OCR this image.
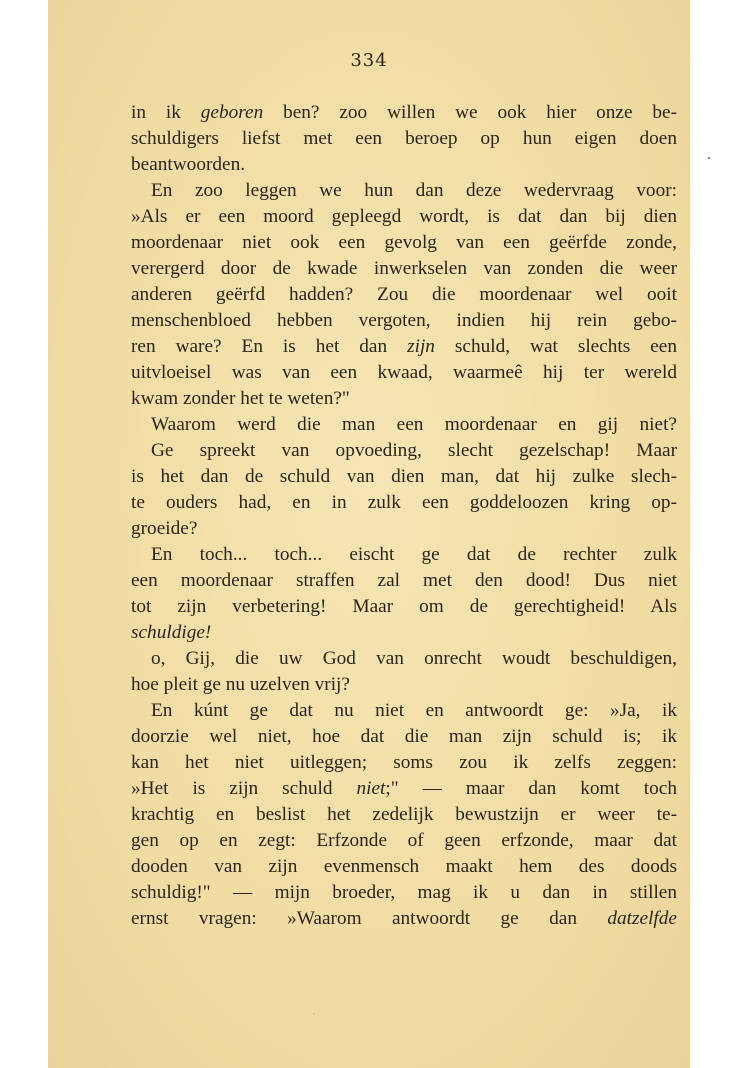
334
in ik geboren ben? zoo willen we ook hier onze be-
schuldigers liefst met een beroep op hun eigen doen
beantwoorden.
En zoo leggen we hun dan deze wedervraag voor:
»Als er een moord gepleegd wordt, is dat dan bij dien
moordenaar niet ook een gevolg van een geërfde zonde,
verergerd door de kwade inwerkselen van zonden die weer
anderen geërfd hadden? Zou die moordenaar wel ooit
menschenbloed hebben vergoten, indien hij rein gebo-
ren ware? En is het dan zijn schuld, wat slechts een
uitvloeisel was van een kwaad, waarmeê hij ter wereld
kwam zonder het te weten?"
Waarom werd die man een moordenaar en gij niet?
Ge spreekt van opvoeding, slecht gezelschap! Maar
is het dan de schuld van dien man, dat hij zulke slech-
te ouders had, en in zulk een goddeloozen kring op-
groeide?
En toch... toch... eischt ge dat de rechter zulk
een moordenaar straffen zal met den dood! Dus niet
tot zijn verbetering! Maar om de gerechtigheid! Als
schuldige!
o, Gij, die uw God van onrecht woudt beschuldigen,
hoe pleit ge nu uzelven vrij?
En kúnt ge dat nu niet en antwoordt ge: »Ja, ik
doorzie wel niet, hoe dat die man zijn schuld is; ik
kan het niet uitleggen; soms zou ik zelfs zeggen:
»Het is zijn schuld niet;" — maar dan komt toch
krachtig en beslist het zedelijk bewustzijn er weer te-
gen op en zegt: Erfzonde of geen erfzonde, maar dat
dooden van zijn evenmensch maakt hem des doods
schuldig!" — mijn broeder, mag ik u dan in stillen
ernst vragen: »Waarom antwoordt ge dan datzelfde
